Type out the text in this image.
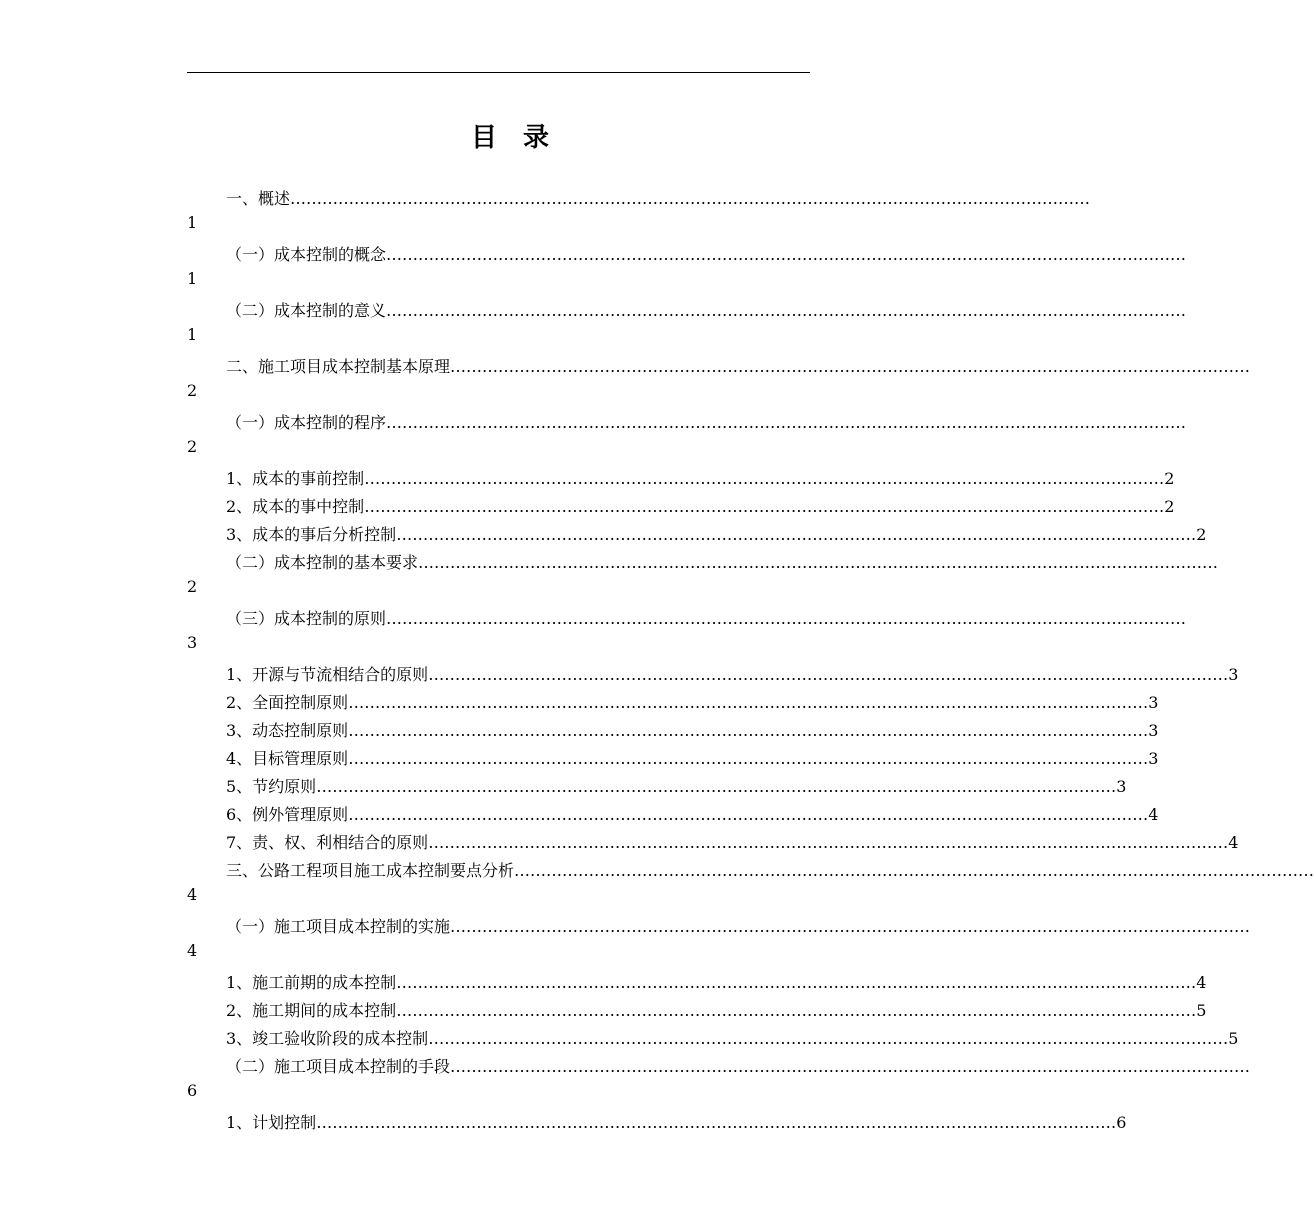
目 录
一、概述 ……………………………………………………………………………………………………………………………………
1
（一）成本控制的概念 ……………………………………………………………………………………………………………………………………
1
（二）成本控制的意义 ……………………………………………………………………………………………………………………………………
1
二、施工项目成本控制基本原理 ……………………………………………………………………………………………………………………………………
2
（一）成本控制的程序 ……………………………………………………………………………………………………………………………………
2
1、成本的事前控制 …………………………………………………………………………………………………………………………………… 2
2、成本的事中控制 …………………………………………………………………………………………………………………………………… 2
3、成本的事后分析控制 …………………………………………………………………………………………………………………………………… 2
（二）成本控制的基本要求 ……………………………………………………………………………………………………………………………………
2
（三）成本控制的原则 ……………………………………………………………………………………………………………………………………
3
1、开源与节流相结合的原则 …………………………………………………………………………………………………………………………………… 3
2、全面控制原则 …………………………………………………………………………………………………………………………………… 3
3、动态控制原则 …………………………………………………………………………………………………………………………………… 3
4、目标管理原则 …………………………………………………………………………………………………………………………………… 3
5、节约原则 …………………………………………………………………………………………………………………………………… 3
6、例外管理原则 …………………………………………………………………………………………………………………………………… 4
7、责、权、利相结合的原则 …………………………………………………………………………………………………………………………………… 4
三、公路工程项目施工成本控制要点分析 ……………………………………………………………………………………………………………………………………
4
（一）施工项目成本控制的实施 ……………………………………………………………………………………………………………………………………
4
1、施工前期的成本控制 …………………………………………………………………………………………………………………………………… 4
2、施工期间的成本控制 …………………………………………………………………………………………………………………………………… 5
3、竣工验收阶段的成本控制 …………………………………………………………………………………………………………………………………… 5
（二）施工项目成本控制的手段 ……………………………………………………………………………………………………………………………………
6
1、计划控制 …………………………………………………………………………………………………………………………………… 6
